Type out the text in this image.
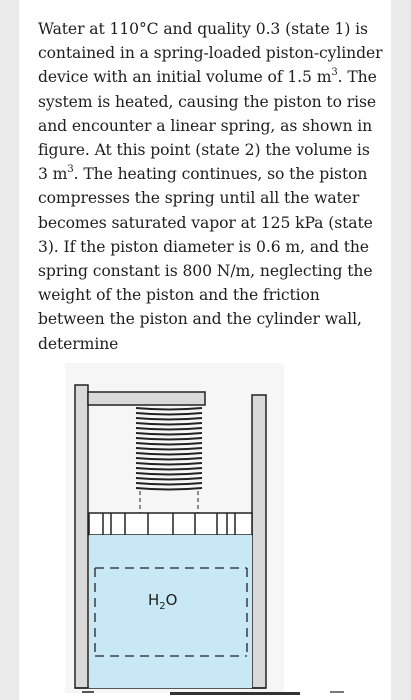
Water at 110°C and quality 0.3 (state 1) is contained in a spring-loaded piston-cylinder device with an initial volume of 1.5 $m^3$. The system is heated, causing the piston to rise and encounter a linear spring, as shown in figure. At this point (state 2) the volume is 3 $m^3$. The heating continues, so the piston compresses the spring until all the water becomes saturated vapor at 125 kPa (state 3). If the piston diameter is 0.6 m, and the spring constant is 800 N/m, neglecting the weight of the piston and the friction between the piston and the cylinder wall, determine

$H_2O$
